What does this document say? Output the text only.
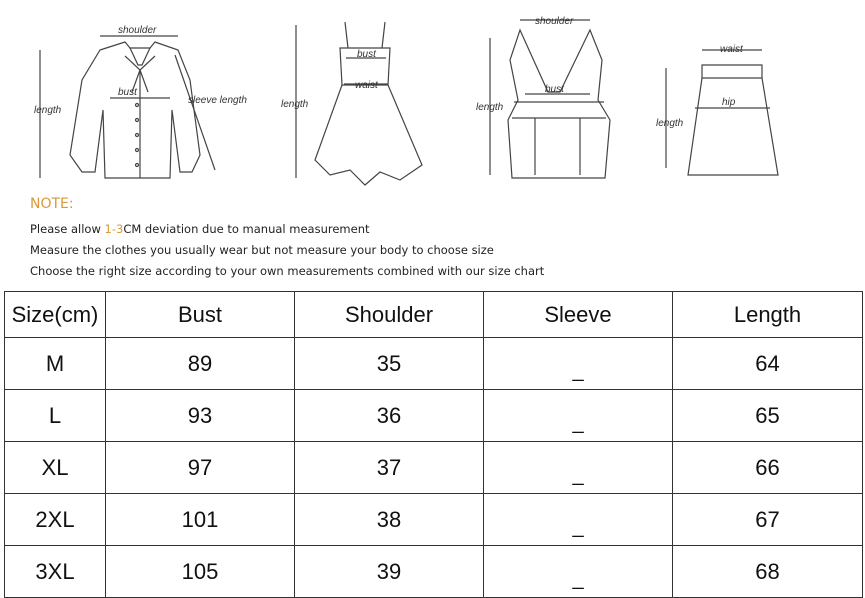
shoulder
bust
length
sleeve length
bust
waist
length
shoulder
bust
length
waist
hip
length
NOTE:
Please allow 1-3CM deviation due to manual measurement
Measure the clothes you usually wear but not measure your body to choose size
Choose the right size according to your own measurements combined with our size chart
Size(cm)	Bust	Shoulder	Sleeve	Length
M	89	35	_	64
L	93	36	_	65
XL	97	37	_	66
2XL	101	38	_	67
3XL	105	39	_	68
